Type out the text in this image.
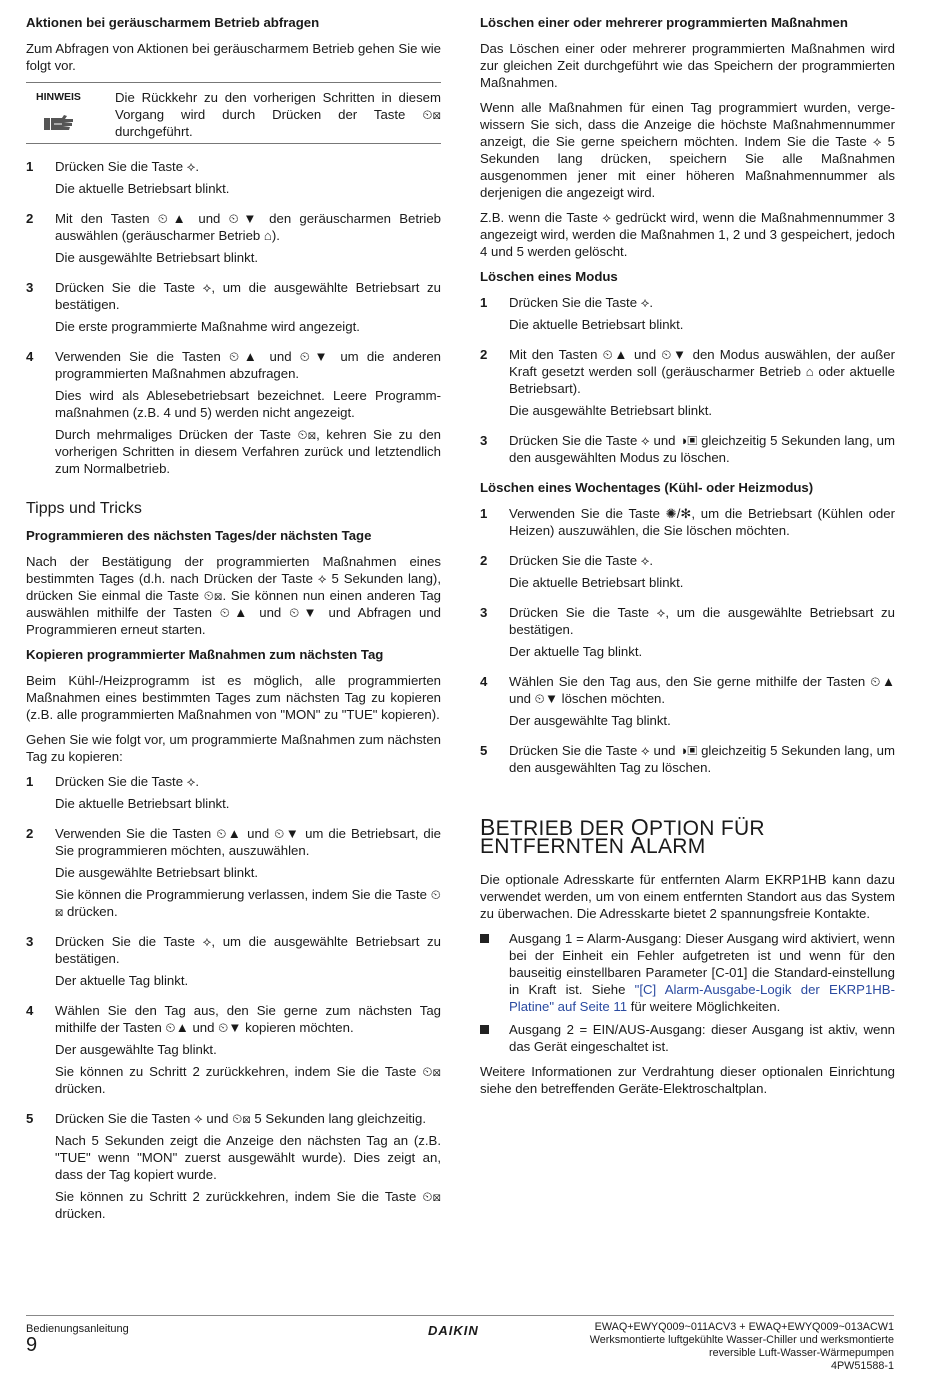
Aktionen bei geräuscharmem Betrieb abfragen

Zum Abfragen von Aktionen bei geräuscharmem Betrieb gehen Sie wie folgt vor.

HINWEIS	Die Rückkehr zu den vorherigen Schritten in diesem Vorgang wird durch Drücken der Taste ⏲⊠ durchgeführt.
1	Drücken Sie die Taste ⟡.

Die aktuelle Betriebsart blinkt.

2	Mit den Tasten ⏲▲ und ⏲▼ den geräuscharmen Betrieb auswählen (geräuscharmer Betrieb ⌂).

Die ausgewählte Betriebsart blinkt.

3	Drücken Sie die Taste ⟡, um die ausgewählte Betriebsart zu bestätigen.

Die erste programmierte Maßnahme wird angezeigt.

4	Verwenden Sie die Tasten ⏲▲ und ⏲▼ um die anderen programmierten Maßnahmen abzufragen.

Dies wird als Ablesebetriebsart bezeichnet. Leere Programm-maßnahmen (z.B. 4 und 5) werden nicht angezeigt.

Durch mehrmaliges Drücken der Taste ⏲⊠, kehren Sie zu den vorherigen Schritten in diesem Verfahren zurück und letztendlich zum Normalbetrieb.

Tipps und Tricks
Programmieren des nächsten Tages/der nächsten Tage

Nach der Bestätigung der programmierten Maßnahmen eines bestimmten Tages (d.h. nach Drücken der Taste ⟡ 5 Sekunden lang), drücken Sie einmal die Taste ⏲⊠. Sie können nun einen anderen Tag auswählen mithilfe der Tasten ⏲▲ und ⏲▼ und Abfragen und Programmieren erneut starten.

Kopieren programmierter Maßnahmen zum nächsten Tag

Beim Kühl-/Heizprogramm ist es möglich, alle programmierten Maßnahmen eines bestimmten Tages zum nächsten Tag zu kopieren (z.B. alle programmierten Maßnahmen von "MON" zu "TUE" kopieren).

Gehen Sie wie folgt vor, um programmierte Maßnahmen zum nächsten Tag zu kopieren:

1	Drücken Sie die Taste ⟡.

Die aktuelle Betriebsart blinkt.

2	Verwenden Sie die Tasten ⏲▲ und ⏲▼ um die Betriebsart, die Sie programmieren möchten, auszuwählen.

Die ausgewählte Betriebsart blinkt.

Sie können die Programmierung verlassen, indem Sie die Taste ⏲⊠ drücken.

3	Drücken Sie die Taste ⟡, um die ausgewählte Betriebsart zu bestätigen.

Der aktuelle Tag blinkt.

4	Wählen Sie den Tag aus, den Sie gerne zum nächsten Tag mithilfe der Tasten ⏲▲ und ⏲▼ kopieren möchten.

Der ausgewählte Tag blinkt.

Sie können zu Schritt 2 zurückkehren, indem Sie die Taste ⏲⊠ drücken.

5	Drücken Sie die Tasten ⟡ und ⏲⊠ 5 Sekunden lang gleichzeitig.

Nach 5 Sekunden zeigt die Anzeige den nächsten Tag an (z.B. "TUE" wenn "MON" zuerst ausgewählt wurde). Dies zeigt an, dass der Tag kopiert wurde.

Sie können zu Schritt 2 zurückkehren, indem Sie die Taste ⏲⊠ drücken.

Löschen einer oder mehrerer programmierten Maßnahmen

Das Löschen einer oder mehrerer programmierten Maßnahmen wird zur gleichen Zeit durchgeführt wie das Speichern der programmierten Maßnahmen.

Wenn alle Maßnahmen für einen Tag programmiert wurden, verge-wissern Sie sich, dass die Anzeige die höchste Maßnahmennummer anzeigt, die Sie gerne speichern möchten. Indem Sie die Taste ⟡ 5 Sekunden lang drücken, speichern Sie alle Maßnahmen ausgenommen jener mit einer höheren Maßnahmennummer als derjenigen die angezeigt wird.

Z.B. wenn die Taste ⟡ gedrückt wird, wenn die Maßnahmennummer 3 angezeigt wird, werden die Maßnahmen 1, 2 und 3 gespeichert, jedoch 4 und 5 werden gelöscht.

Löschen eines Modus
1	Drücken Sie die Taste ⟡.

Die aktuelle Betriebsart blinkt.

2	Mit den Tasten ⏲▲ und ⏲▼ den Modus auswählen, der außer Kraft gesetzt werden soll (geräuscharmer Betrieb ⌂ oder aktuelle Betriebsart).

Die ausgewählte Betriebsart blinkt.

3	Drücken Sie die Taste ⟡ und ◑▣ gleichzeitig 5 Sekunden lang, um den ausgewählten Modus zu löschen.

Löschen eines Wochentages (Kühl- oder Heizmodus)
1	Verwenden Sie die Taste ✺/✻, um die Betriebsart (Kühlen oder Heizen) auszuwählen, die Sie löschen möchten.

2	Drücken Sie die Taste ⟡.

Die aktuelle Betriebsart blinkt.

3	Drücken Sie die Taste ⟡, um die ausgewählte Betriebsart zu bestätigen.

Der aktuelle Tag blinkt.

4	Wählen Sie den Tag aus, den Sie gerne mithilfe der Tasten ⏲▲ und ⏲▼ löschen möchten.

Der ausgewählte Tag blinkt.

5	Drücken Sie die Taste ⟡ und ◑▣ gleichzeitig 5 Sekunden lang, um den ausgewählten Tag zu löschen.

BETRIEB DER OPTION FÜR ENTFERNTEN ALARM

Die optionale Adresskarte für entfernten Alarm EKRP1HB kann dazu verwendet werden, um von einem entfernten Standort aus das System zu überwachen. Die Adresskarte bietet 2 spannungsfreie Kontakte.

Ausgang 1 = Alarm-Ausgang: Dieser Ausgang wird aktiviert, wenn bei der Einheit ein Fehler aufgetreten ist und wenn für den bauseitig einstellbaren Parameter [C-01] die Standard-einstellung in Kraft ist. Siehe "[C] Alarm-Ausgabe-Logik der EKRP1HB-Platine" auf Seite 11 für weitere Möglichkeiten.
Ausgang 2 = EIN/AUS-Ausgang: dieser Ausgang ist aktiv, wenn das Gerät eingeschaltet ist.

Weitere Informationen zur Verdrahtung dieser optionalen Einrichtung siehe den betreffenden Geräte-Elektroschaltplan.

Bedienungsanleitung
9
DAIKIN	EWAQ+EWYQ009~011ACV3 + EWAQ+EWYQ009~013ACW1
Werksmontierte luftgekühlte Wasser-Chiller und werksmontierte
reversible Luft-Wasser-Wärmepumpen
4PW51588-1
